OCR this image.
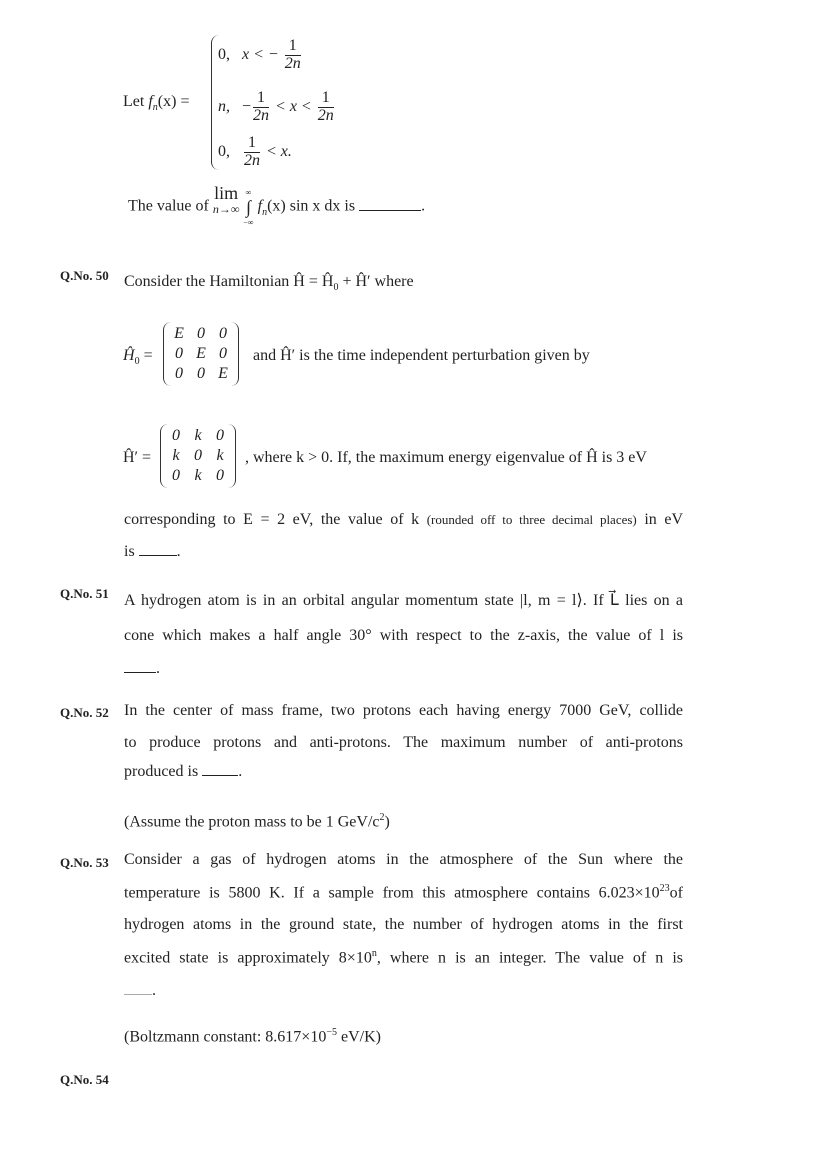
Let $f_n(x)$ =
0, x < − $\frac{1}{2n}$
n, − $\frac{1}{2n} < x < \frac{1}{2n}$
0, $\frac{1}{2n} < x$.
The value of lim
n→∞ ∞
∫
−∞ $f_n(x)$ sin x dx is	.
Q.No. 50 Consider the Hamiltonian Ĥ = $Ĥ_0$ + Ĥ′ where
$Ĥ_0$ =
E 0 0
0 E 0
0 0 E
and Ĥ′ is the time independent perturbation given by
Ĥ′ =
0 k 0
k 0 k
0 k 0
, where k > 0. If, the maximum energy eigenvalue of Ĥ is 3 eV
corresponding to E = 2 eV, the value of k (rounded off to three decimal places) in eV
is	.
Q.No. 51 A hydrogen atom is in an orbital angular momentum state |l, m = l⟩. If L⃗ lies on a
cone which makes a half angle 30° with respect to the z-axis, the value of l is
.
Q.No. 52 In the center of mass frame, two protons each having energy 7000 GeV, collide
to produce protons and anti-protons. The maximum number of anti-protons
produced is	.
(Assume the proton mass to be 1 GeV/$c^2$)
Q.No. 53 Consider a gas of hydrogen atoms in the atmosphere of the Sun where the
temperature is 5800 K. If a sample from this atmosphere contains $6.023\times 10^{23}of$
hydrogen atoms in the ground state, the number of hydrogen atoms in the first
excited state is approximately $8\times 10^n$, where n is an integer. The value of n is
.
(Boltzmann constant: $8.617\times 10^{-5}$ eV/K)
Q.No. 54
